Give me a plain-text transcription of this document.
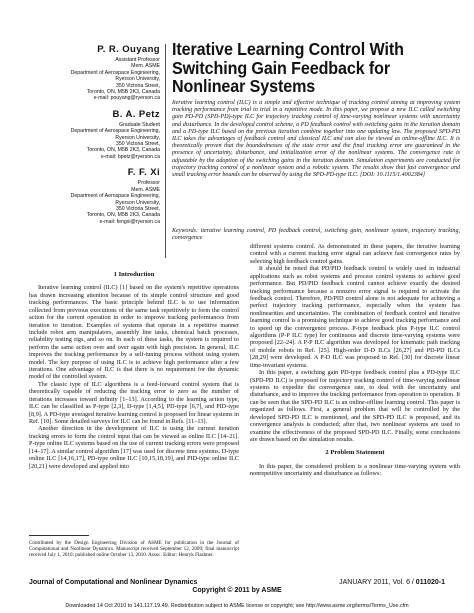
P. R. Ouyang
Assistant Professor
Mem. ASME
Department of Aerospace Engineering,
Ryerson University,
350 Victoria Street,
Toronto, ON, M5B 2K3, Canada
e-mail: pouyang@ryerson.ca
B. A. Petz
Graduate Student
Department of Aerospace Engineering,
Ryerson University,
350 Victoria Street,
Toronto, ON, M5B 2K3, Canada
e-mail: bpetz@ryerson.ca
F. F. Xi
Professor
Mem. ASME
Department of Aerospace Engineering,
Ryerson University,
350 Victoria Street,
Toronto, ON, M5B 2K3, Canada
e-mail: fengxi@ryerson.ca
Iterative Learning Control With
Switching Gain Feedback for
Nonlinear Systems

Iterative learning control (ILC) is a simple and effective technique of tracking control aiming at improving system tracking performance from trial to trial in a repetitive mode. In this paper, we propose a new ILC called switching gain PD-PD (SPD-PD)-type ILC for trajectory tracking control of time-varying nonlinear systems with uncertainty and disturbance. In the developed control scheme, a PD feedback control with switching gains in the iteration domain and a PD-type ILC based on the previous iteration combine together into one updating law. The proposed SPD-PD ILC takes the advantages of feedback control and classical ILC and can also be viewed as online-offline ILC. It is theoretically proven that the boundednesses of the state error and the final tracking error are guaranteed in the presence of uncertainty, disturbance, and initialization error of the nonlinear systems. The convergence rate is adjustable by the adoption of the switching gains in the iteration domain. Simulation experiments are conducted for trajectory tracking control of a nonlinear system and a robotic system. The results show that fast convergence and small tracking error bounds can be observed by using the SPD-PD-type ILC. [DOI: 10.1115/1.4002384]

Keywords: iterative learning control, PD feedback control, switching gain, nonlinear system, trajectory tracking, convergence

1 Introduction

Iterative learning control (ILC) [1] based on the system's repetitive operations has drawn increasing attention because of its simple control structure and good tracking performances. The basic principle behind ILC is to use information collected from previous executions of the same task repetitively to form the control action for the current operation in order to improve tracking performances from iteration to iteration. Examples of systems that operate in a repetitive manner include robot arm manipulators, assembly line tasks, chemical batch processes, reliability testing rigs, and so on. In each of these tasks, the system is required to perform the same action over and over again with high precision. In general, ILC improves the tracking performance by a self-tuning process without using system model. The key purpose of using ILC is to achieve high performance after a few iterations. One advantage of ILC is that there is no requirement for the dynamic model of the controlled system.

The classic type of ILC algorithms is a feed-forward control system that is theoretically capable of reducing the tracking error to zero as the number of iterations increases toward infinity [1–13]. According to the learning action type, ILC can be classified as P-type [2,3], D-type [1,4,5], PD-type [6,7], and PID-type [8,9]. A PD-type averaged iterative learning control is proposed for linear systems in Ref. [10]. Some detailed surveys for ILC can be found in Refs. [11–13].

Another direction in the development of ILC is using the current iteration tracking errors to form the control input that can be viewed as online ILC [14–21]. P-type online ILC systems based on the use of current tracking errors were proposed [14–17]. A similar control algorithm [17] was used for discrete time systems. D-type online ILC [14,16,17], PD-type online ILC [10,15,18,19], and PID-type online ILC [20,21] were developed and applied into

Contributed by the Design Engineering Division of ASME for publication in the Journal of Computational and Nonlinear Dynamics. Manuscript received September 12, 2009; final manuscript received July 1, 2010; published online October 13, 2010. Assoc. Editor: Henryk Flashner.

different systems control. As demonstrated in these papers, the iterative learning control with a current tracking error signal can achieve fast convergence rates by selecting high feedback control gains.

It should be noted that PD/PID feedback control is widely used in industrial applications such as robot systems and process control systems to achieve good performance. But PD/PID feedback control cannot achieve exactly the desired tracking performance because a nonzero error signal is required to activate the feedback control. Therefore, PD/PID control alone is not adequate for achieving a perfect trajectory tracking performance, especially when the system has nonlinearities and uncertainties. The combination of feedback control and iterative learning control is a promising technique to achieve good tracking performance and to speed up the convergence process. P-type feedback plus P-type ILC control algorithms (P-P ILC type) for continuous and discrete time-varying systems were proposed [22–24]. A P-P ILC algorithm was developed for kinematic path tracking of mobile robots in Ref. [25]. High-order D-D ILCs [26,27] and PD-PD ILCs [28,29] were developed. A P-D ILC was proposed in Ref. [30] for discrete linear time-invariant systems.

In this paper, a switching gain PD-type feedback control plus a PD-type ILC (SPD-PD ILC) is proposed for trajectory tracking control of time-varying nonlinear systems to expedite the convergence rate, to deal with the uncertainty and disturbance, and to improve the tracking performance from operation to operation. It can be seen that the SPD-PD ILC is an online-offline learning control. This paper is organized as follows. First, a general problem that will be controlled by the developed SPD-PD ILC is mentioned, and the SPD-PD ILC is proposed, and its convergence analysis is conducted; after that, two nonlinear systems are used to examine the effectiveness of the proposed SPD-PD ILC. Finally, some conclusions are drawn based on the simulation results.

2 Problem Statement

In this paper, the considered problem is a nonlinear time-varying system with nonrepetitive uncertainty and disturbance as follows:

Journal of Computational and Nonlinear Dynamics	JANUARY 2011, Vol. 6 / 011020-1
Copyright © 2011 by ASME
Downloaded 14 Oct 2010 to 141.117.19.49. Redistribution subject to ASME license or copyright; see http://www.asme.org/terms/Terms_Use.cfm
